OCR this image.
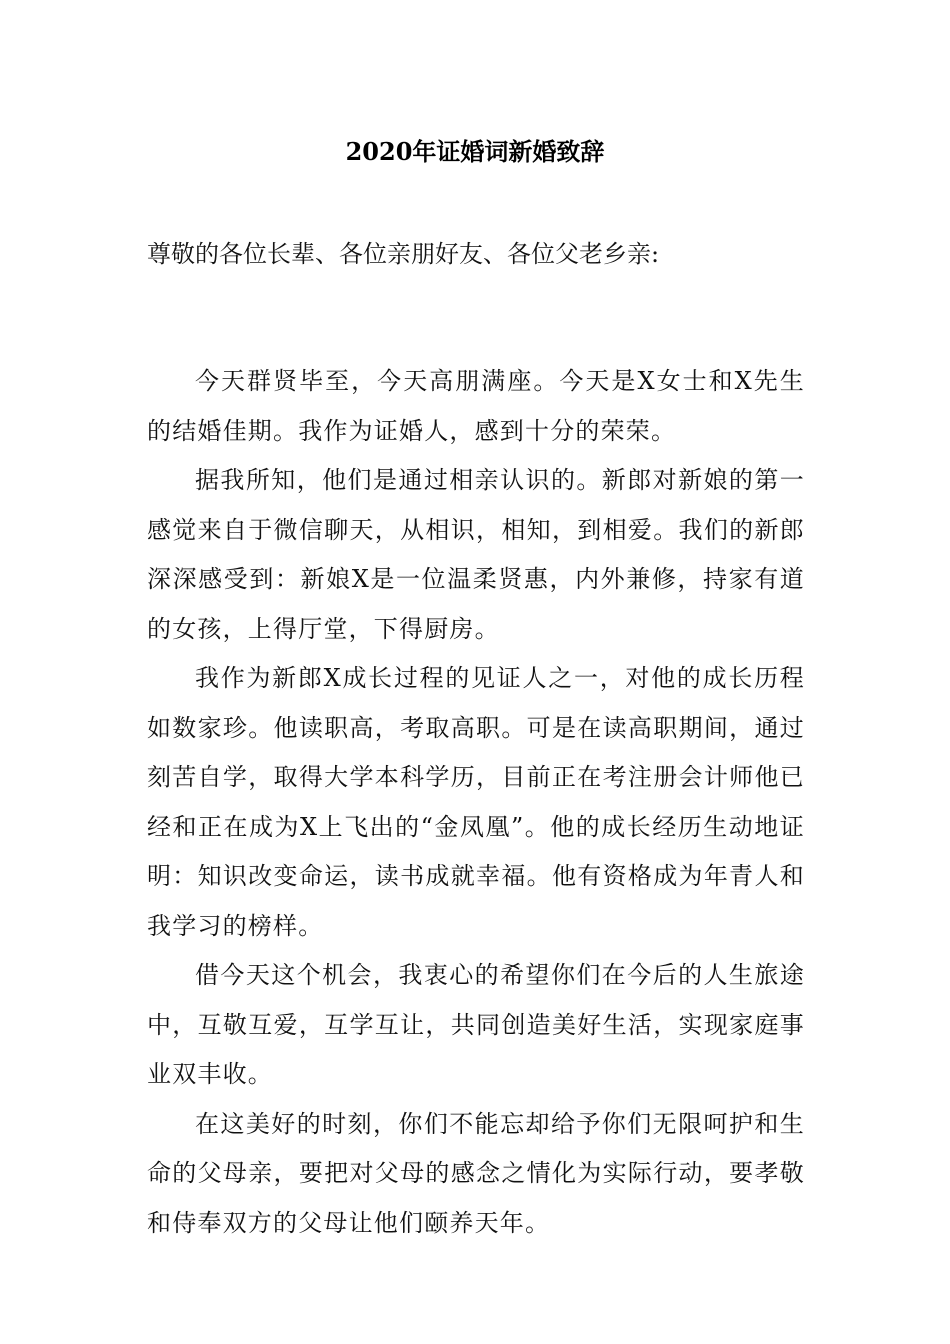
2020年证婚词新婚致辞

尊敬的各位长辈、各位亲朋好友、各位父老乡亲:

今天群贤毕至，今天高朋满座。今天是X女士和X先生的结婚佳期。我作为证婚人，感到十分的荣荣。

据我所知，他们是通过相亲认识的。新郎对新娘的第一感觉来自于微信聊天，从相识，相知，到相爱。我们的新郎深深感受到：新娘X是一位温柔贤惠，内外兼修，持家有道的女孩，上得厅堂，下得厨房。

我作为新郎X成长过程的见证人之一，对他的成长历程如数家珍。他读职高，考取高职。可是在读高职期间，通过刻苦自学，取得大学本科学历，目前正在考注册会计师他已经和正在成为X上飞出的“金凤凰”。他的成长经历生动地证明：知识改变命运，读书成就幸福。他有资格成为年青人和我学习的榜样。

借今天这个机会，我衷心的希望你们在今后的人生旅途中，互敬互爱，互学互让，共同创造美好生活，实现家庭事业双丰收。

在这美好的时刻，你们不能忘却给予你们无限呵护和生命的父母亲，要把对父母的感念之情化为实际行动，要孝敬和侍奉双方的父母让他们颐养天年。
